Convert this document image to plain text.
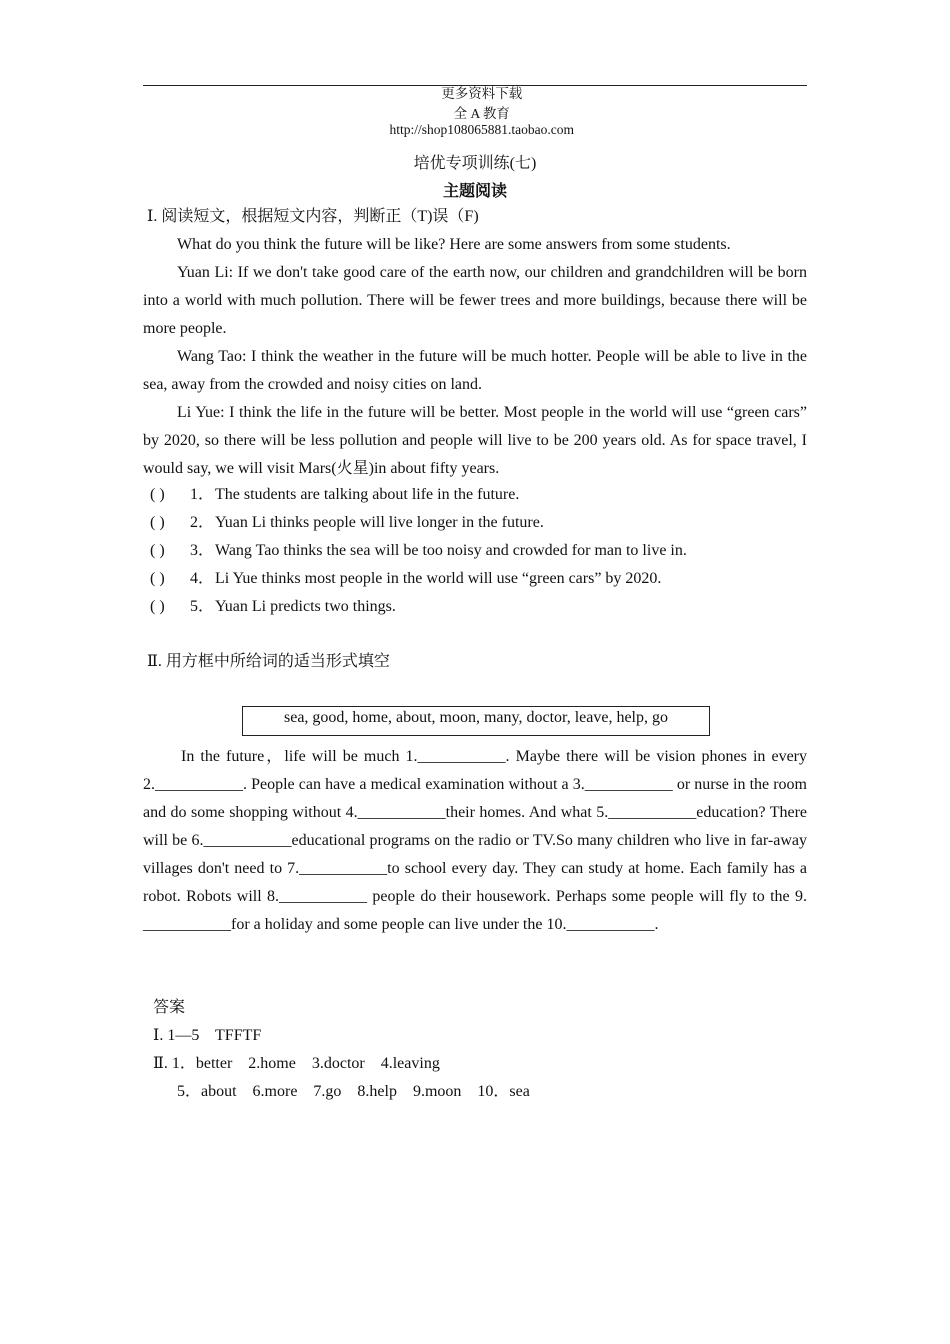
更多资料下载
全 A 教育
http://shop108065881.taobao.com

培优专项训练(七)
主题阅读
Ⅰ. 阅读短文，根据短文内容，判断正（T)误（F)

What do you think the future will be like? Here are some answers from some students.

Yuan Li: If we don't take good care of the earth now, our children and grandchildren will be born into a world with much pollution. There will be fewer trees and more buildings, because there will be more people.

Wang Tao: I think the weather in the future will be much hotter. People will be able to live in the sea, away from the crowded and noisy cities on land.

Li Yue: I think the life in the future will be better. Most people in the world will use “green cars” by 2020, so there will be less pollution and people will live to be 200 years old. As for space travel, I would say, we will visit Mars(火星)in about fifty years.

( )	1． The students are talking about life in the future.
( )	2． Yuan Li thinks people will live longer in the future.
( )	3． Wang Tao thinks the sea will be too noisy and crowded for man to live in.
( )	4． Li Yue thinks most people in the world will use “green cars” by 2020.
( )	5． Yuan Li predicts two things.
Ⅱ. 用方框中所给词的适当形式填空
sea, good, home, about, moon, many, doctor, leave, help, go

In the future，life will be much 1.___________. Maybe there will be vision phones in every 2.___________. People can have a medical examination without a 3.___________ or nurse in the room and do some shopping without 4.___________their homes. And what 5.___________education? There will be 6.___________educational programs on the radio or TV.So many children who live in far-away villages don't need to 7.___________to school every day. They can study at home. Each family has a robot. Robots will 8.___________ people do their housework. Perhaps some people will fly to the 9. ___________for a holiday and some people can live under the 10.___________.

答案
Ⅰ. 1—5    TFFTF
Ⅱ. 1．better    2.home    3.doctor    4.leaving
5．about    6.more    7.go    8.help    9.moon    10．sea
